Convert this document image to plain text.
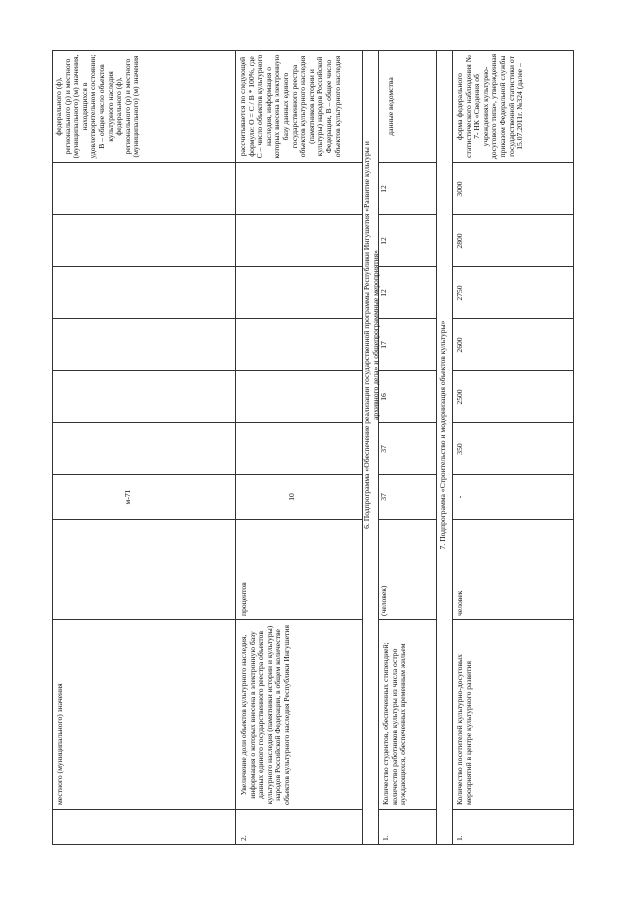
местного (муниципального) значения
м-71
федерального (ф), регионального (р) и местного (муниципального) (м) значения, находящихся в удовлетворительном состоянии; В – общее число объектов культурного наследия федерального (ф), регионального (р) и местного (муниципального) (м) значения
2.
Увеличение доли объектов культурного наследия, информация о которых внесена в электронную базу данных единого государственного реестра объектов культурного наследия (памятники истории и культуры) народов Российской Федерации, в общем количестве объектов культурного наследия Республики Ингушетия
процентов
10
рассчитывается по следующей формуле: О = С / В * 100%, где С – число объектов культурного наследия, информация о которых внесена в электронную базу данных единого государственного реестра объектов культурного наследия (памятников истории и культуры) народов Российской Федерации, В – общее число объектов культурного наследия
6. Подпрограмма «Обеспечение реализации государственной программы Республики Ингушетия «Развитие культуры и архивного дела» и общепрограммные мероприятия»
1.
Количество студентов, обеспеченных стипендией; количество работников культуры из числа остро нуждающихся, обеспеченных временным жильем
(человек)
37
37
16
17
12
12
12
данные ведомства
7. Подпрограмма «Строительство и модернизация объектов культуры»
1.
Количество посетителей культурно-досуговых мероприятий в центре культурного развития
человек
-
350
2500
2600
2750
2800
3000
форма федерального статистического наблюдения № 7- НК «Сведения об учреждениях культурно-досугового типа», утвержденная приказом Федеральной службы государственной статистики от 15.07.2011г. №324 (далее –
